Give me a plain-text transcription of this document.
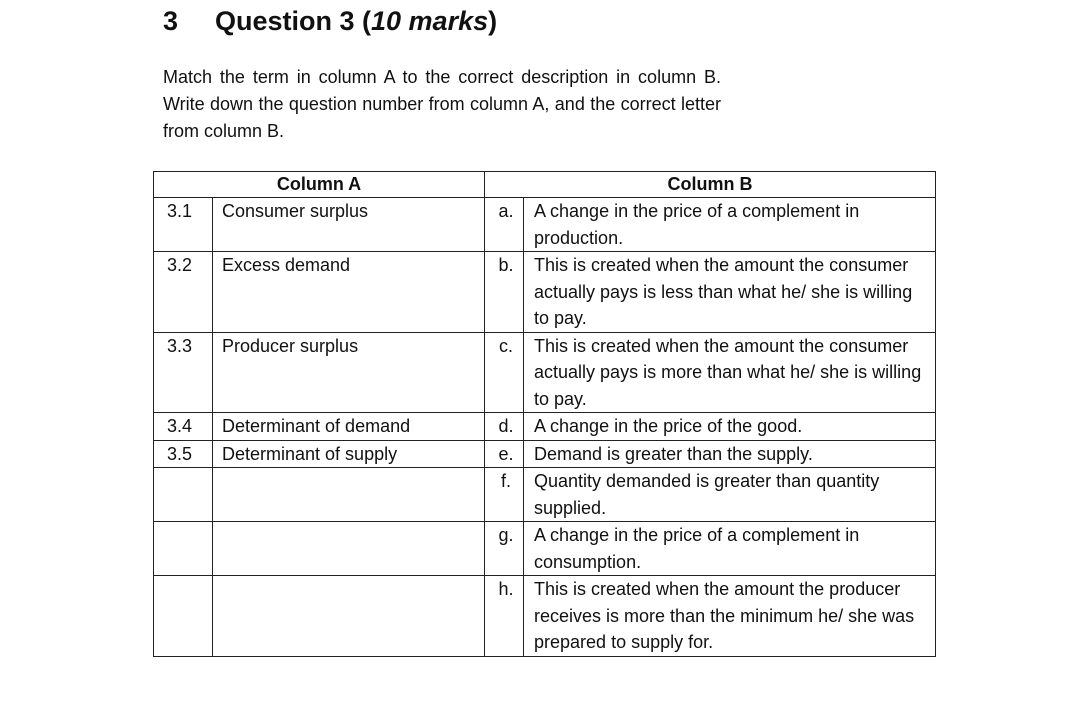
3 Question 3 (10 marks)
Match the term in column A to the correct description in column B. Write down the question number from column A, and the correct letter from column B.
Column A		Column B	
3.1	Consumer surplus	a.	A change in the price of a complement in production.
3.2	Excess demand	b.	This is created when the amount the consumer actually pays is less than what he/ she is willing to pay.
3.3	Producer surplus	c.	This is created when the amount the consumer actually pays is more than what he/ she is willing to pay.
3.4	Determinant of demand	d.	A change in the price of the good.
3.5	Determinant of supply	e.	Demand is greater than the supply.
		f.	Quantity demanded is greater than quantity supplied.
		g.	A change in the price of a complement in consumption.
		h.	This is created when the amount the producer receives is more than the minimum he/ she was prepared to supply for.
